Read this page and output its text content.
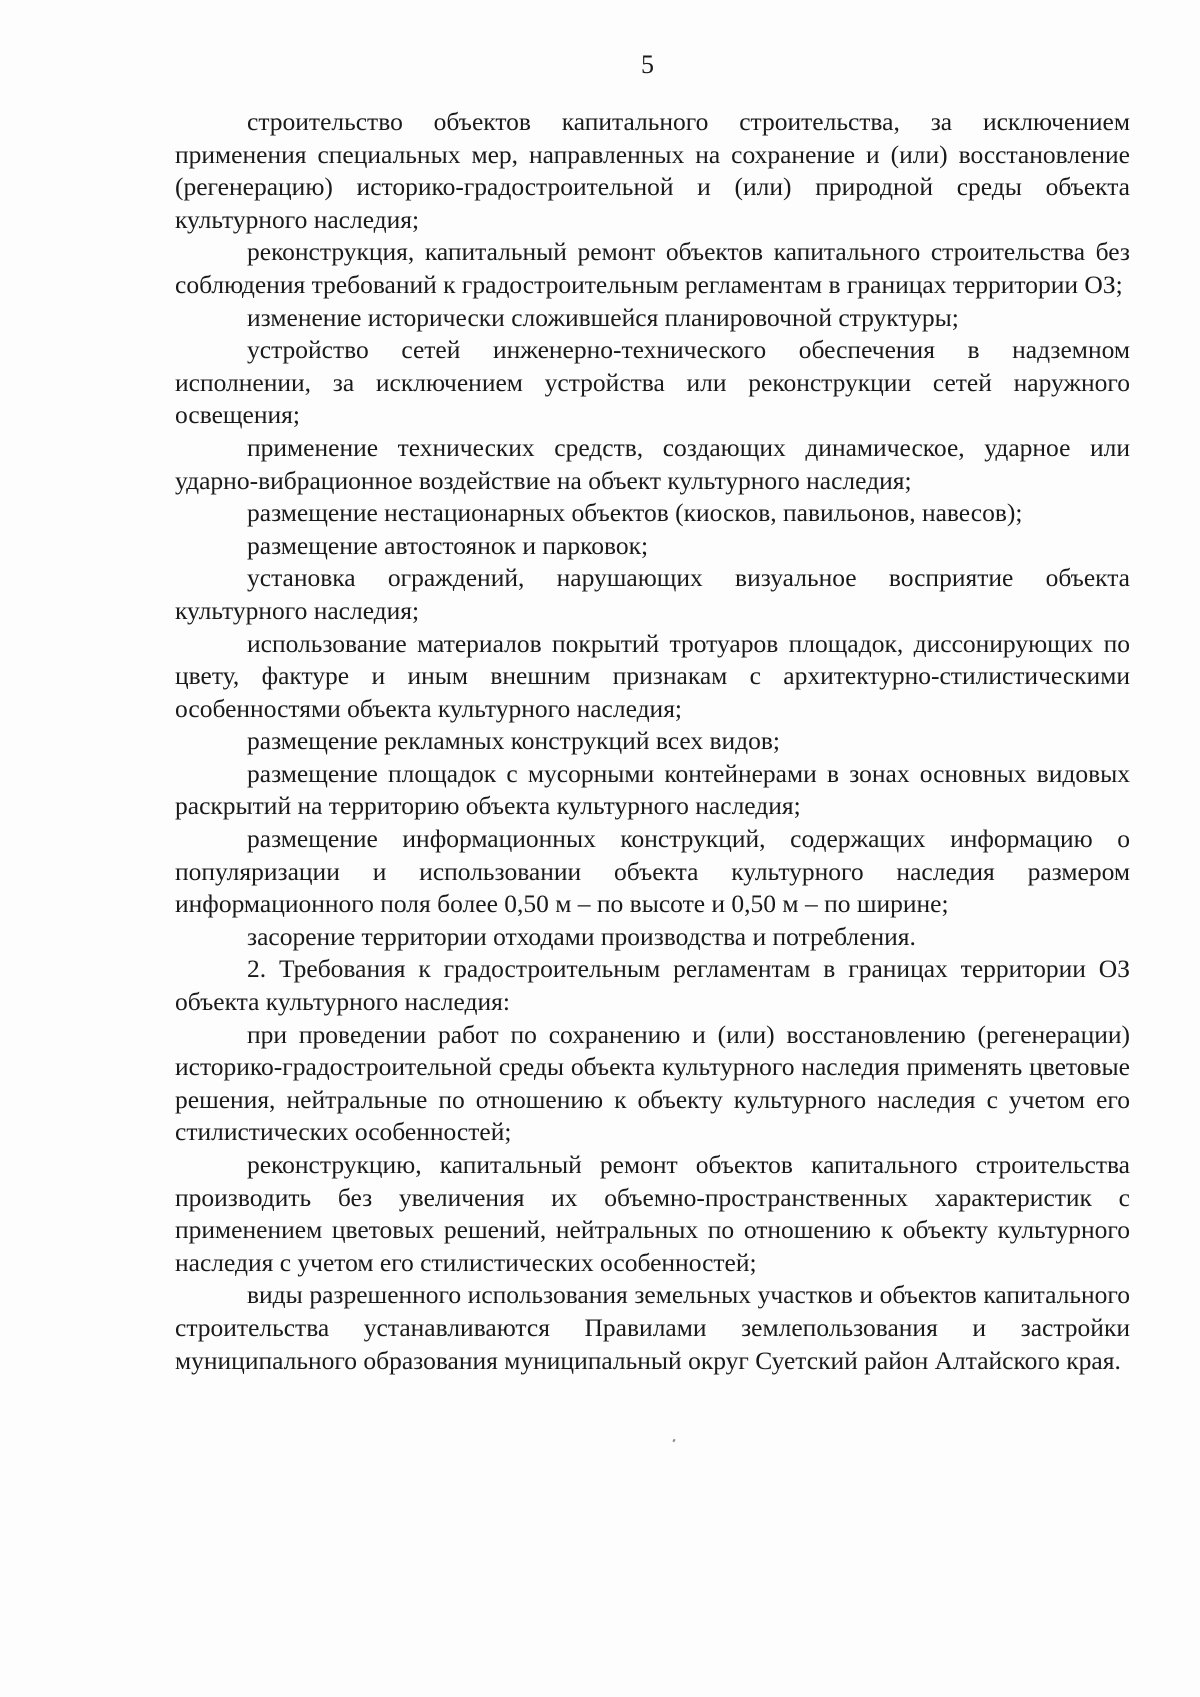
5

строительство объектов капитального строительства, за исключением применения специальных мер, направленных на сохранение и (или) восстановление (регенерацию) историко-градостроительной и (или) природной среды объекта культурного наследия;

реконструкция, капитальный ремонт объектов капитального строительства без соблюдения требований к градостроительным регламентам в границах территории ОЗ;

изменение исторически сложившейся планировочной структуры;

устройство сетей инженерно-технического обеспечения в надземном исполнении, за исключением устройства или реконструкции сетей наружного освещения;

применение технических средств, создающих динамическое, ударное или ударно-вибрационное воздействие на объект культурного наследия;

размещение нестационарных объектов (киосков, павильонов, навесов);

размещение автостоянок и парковок;

установка ограждений, нарушающих визуальное восприятие объекта культурного наследия;

использование материалов покрытий тротуаров площадок, диссонирующих по цвету, фактуре и иным внешним признакам с архитектурно-стилистическими особенностями объекта культурного наследия;

размещение рекламных конструкций всех видов;

размещение площадок с мусорными контейнерами в зонах основных видовых раскрытий на территорию объекта культурного наследия;

размещение информационных конструкций, содержащих информацию о популяризации и использовании объекта культурного наследия размером информационного поля более 0,50 м – по высоте и 0,50 м – по ширине;

засорение территории отходами производства и потребления.

2. Требования к градостроительным регламентам в границах территории ОЗ объекта культурного наследия:

при проведении работ по сохранению и (или) восстановлению (регенерации) историко-градостроительной среды объекта культурного наследия применять цветовые решения, нейтральные по отношению к объекту культурного наследия с учетом его стилистических особенностей;

реконструкцию, капитальный ремонт объектов капитального строительства производить без увеличения их объемно-пространственных характеристик с применением цветовых решений, нейтральных по отношению к объекту культурного наследия с учетом его стилистических особенностей;

виды разрешенного использования земельных участков и объектов капитального строительства устанавливаются Правилами землепользования и застройки муниципального образования муниципальный округ Суетский район Алтайского края.
